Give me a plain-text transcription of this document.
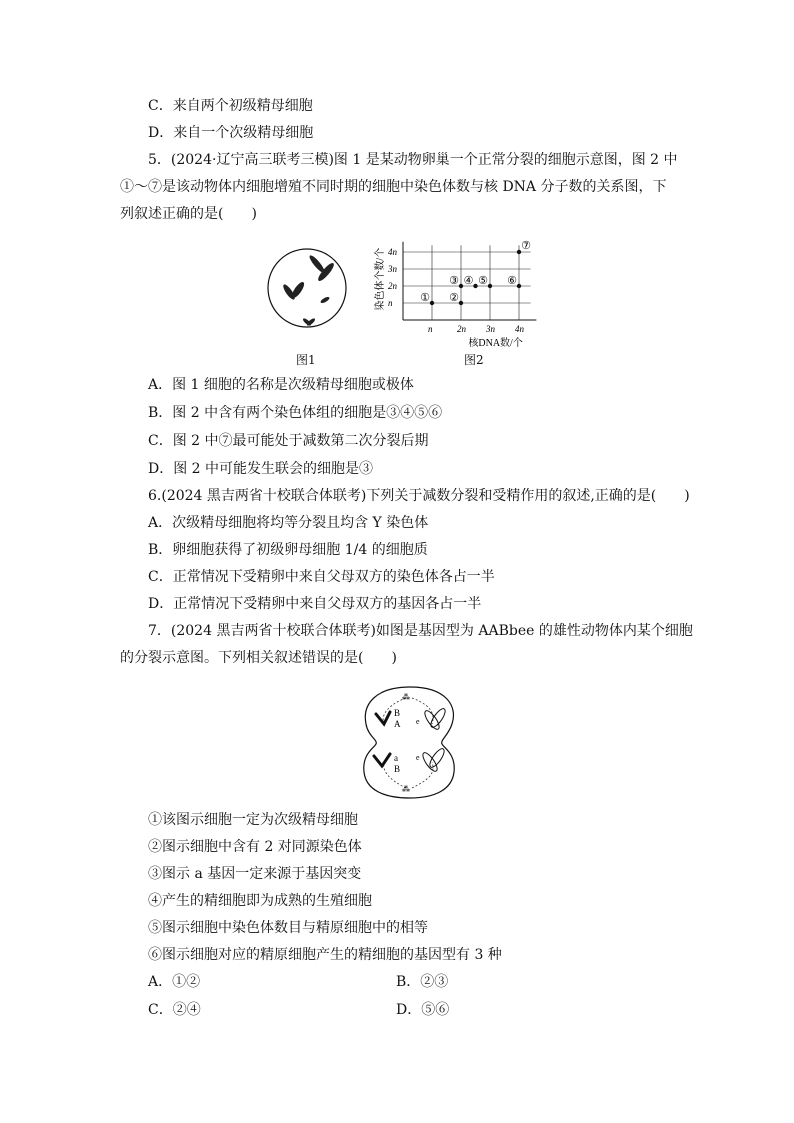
C．来自两个初级精母细胞
D．来自一个次级精母细胞
5．(2024·辽宁高三联考三模)图 1 是某动物卵巢一个正常分裂的细胞示意图，图 2 中
①～⑦是该动物体内细胞增殖不同时期的细胞中染色体数与核 DNA 分子数的关系图，下
列叙述正确的是(　　)
图1
n	2n 3n 4n
n
2n
3n
4n
核DNA数/个
染色体个数/个	① ②
③ ④ ⑤ ⑥
⑦
图2
A．图 1 细胞的名称是次级精母细胞或极体
B．图 2 中含有两个染色体组的细胞是③④⑤⑥
C．图 2 中⑦最可能处于减数第二次分裂后期
D．图 2 中可能发生联会的细胞是③
6.(2024 黑吉两省十校联合体联考)下列关于减数分裂和受精作用的叙述,正确的是(　　)
A．次级精母细胞将均等分裂且均含 Y 染色体
B．卵细胞获得了初级卵母细胞 1/4 的细胞质
C．正常情况下受精卵中来自父母双方的染色体各占一半
D．正常情况下受精卵中来自父母双方的基因各占一半
7．(2024 黑吉两省十校联合体联考)如图是基因型为 AABbee 的雄性动物体内某个细胞
的分裂示意图。下列相关叙述错误的是(　　)
⁂
⁂
B
A e
a
B
e
①该图示细胞一定为次级精母细胞
②图示细胞中含有 2 对同源染色体
③图示 a 基因一定来源于基因突变
④产生的精细胞即为成熟的生殖细胞
⑤图示细胞中染色体数目与精原细胞中的相等
⑥图示细胞对应的精原细胞产生的精细胞的基因型有 3 种
A．①②	B．②③
C．②④	D．⑤⑥
